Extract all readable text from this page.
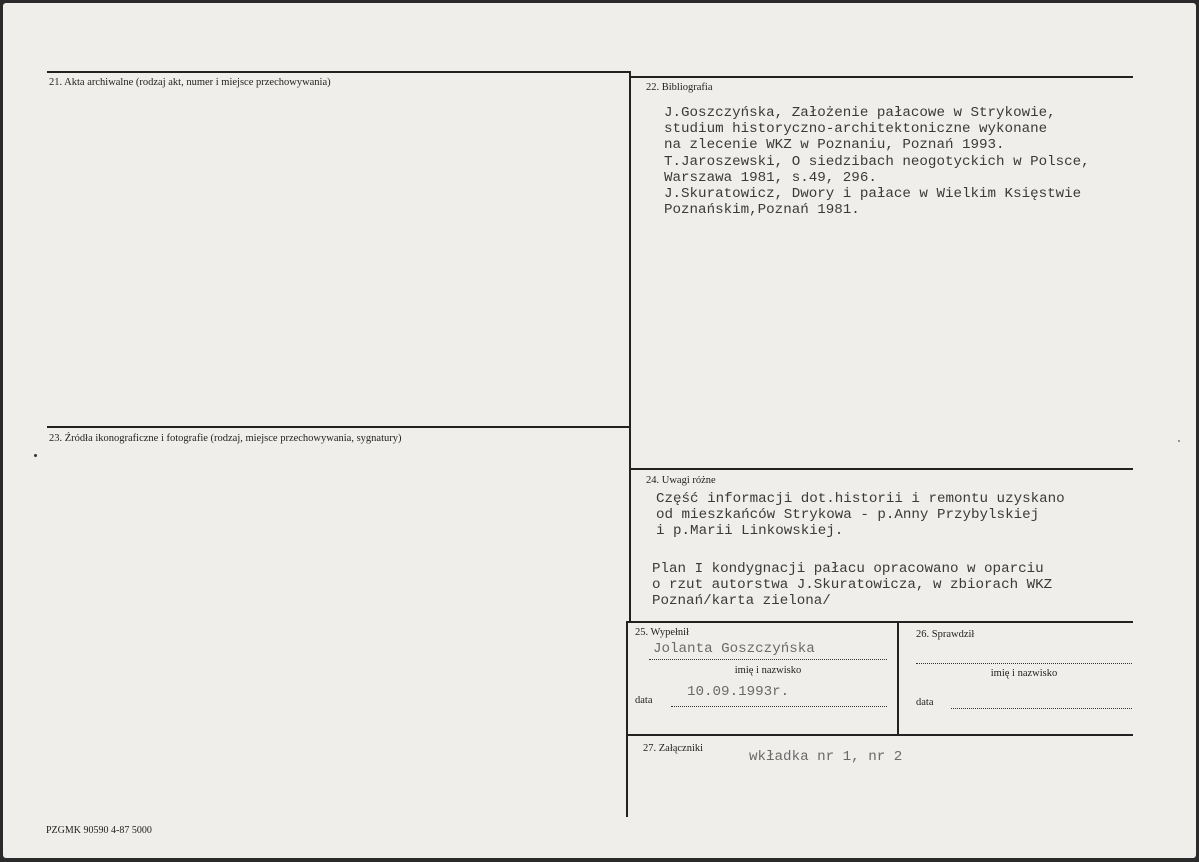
21. Akta archiwalne (rodzaj akt, numer i miejsce przechowywania)	22. Bibliografia
J.Goszczyńska, Założenie pałacowe w Strykowie,
studium historyczno-architektoniczne wykonane
na zlecenie WKZ w Poznaniu, Poznań 1993.
T.Jaroszewski, O siedzibach neogotyckich w Polsce,
Warszawa 1981, s.49, 296.
J.Skuratowicz, Dwory i pałace w Wielkim Księstwie
Poznańskim,Poznań 1981.
23. Źródła ikonograficzne i fotografie (rodzaj, miejsce przechowywania, sygnatury)
24. Uwagi różne
Część informacji dot.historii i remontu uzyskano
od mieszkańców Strykowa - p.Anny Przybylskiej
i p.Marii Linkowskiej.
Plan I kondygnacji pałacu opracowano w oparciu
o rzut autorstwa J.Skuratowicza, w zbiorach WKZ
Poznań/karta zielona/
25. Wypełnił
Jolanta Goszczyńska
imię i nazwisko
data
10.09.1993r.
26. Sprawdził
imię i nazwisko
data
27. Załączniki
wkładka nr 1, nr 2
PZGMK 90590 4-87 5000
